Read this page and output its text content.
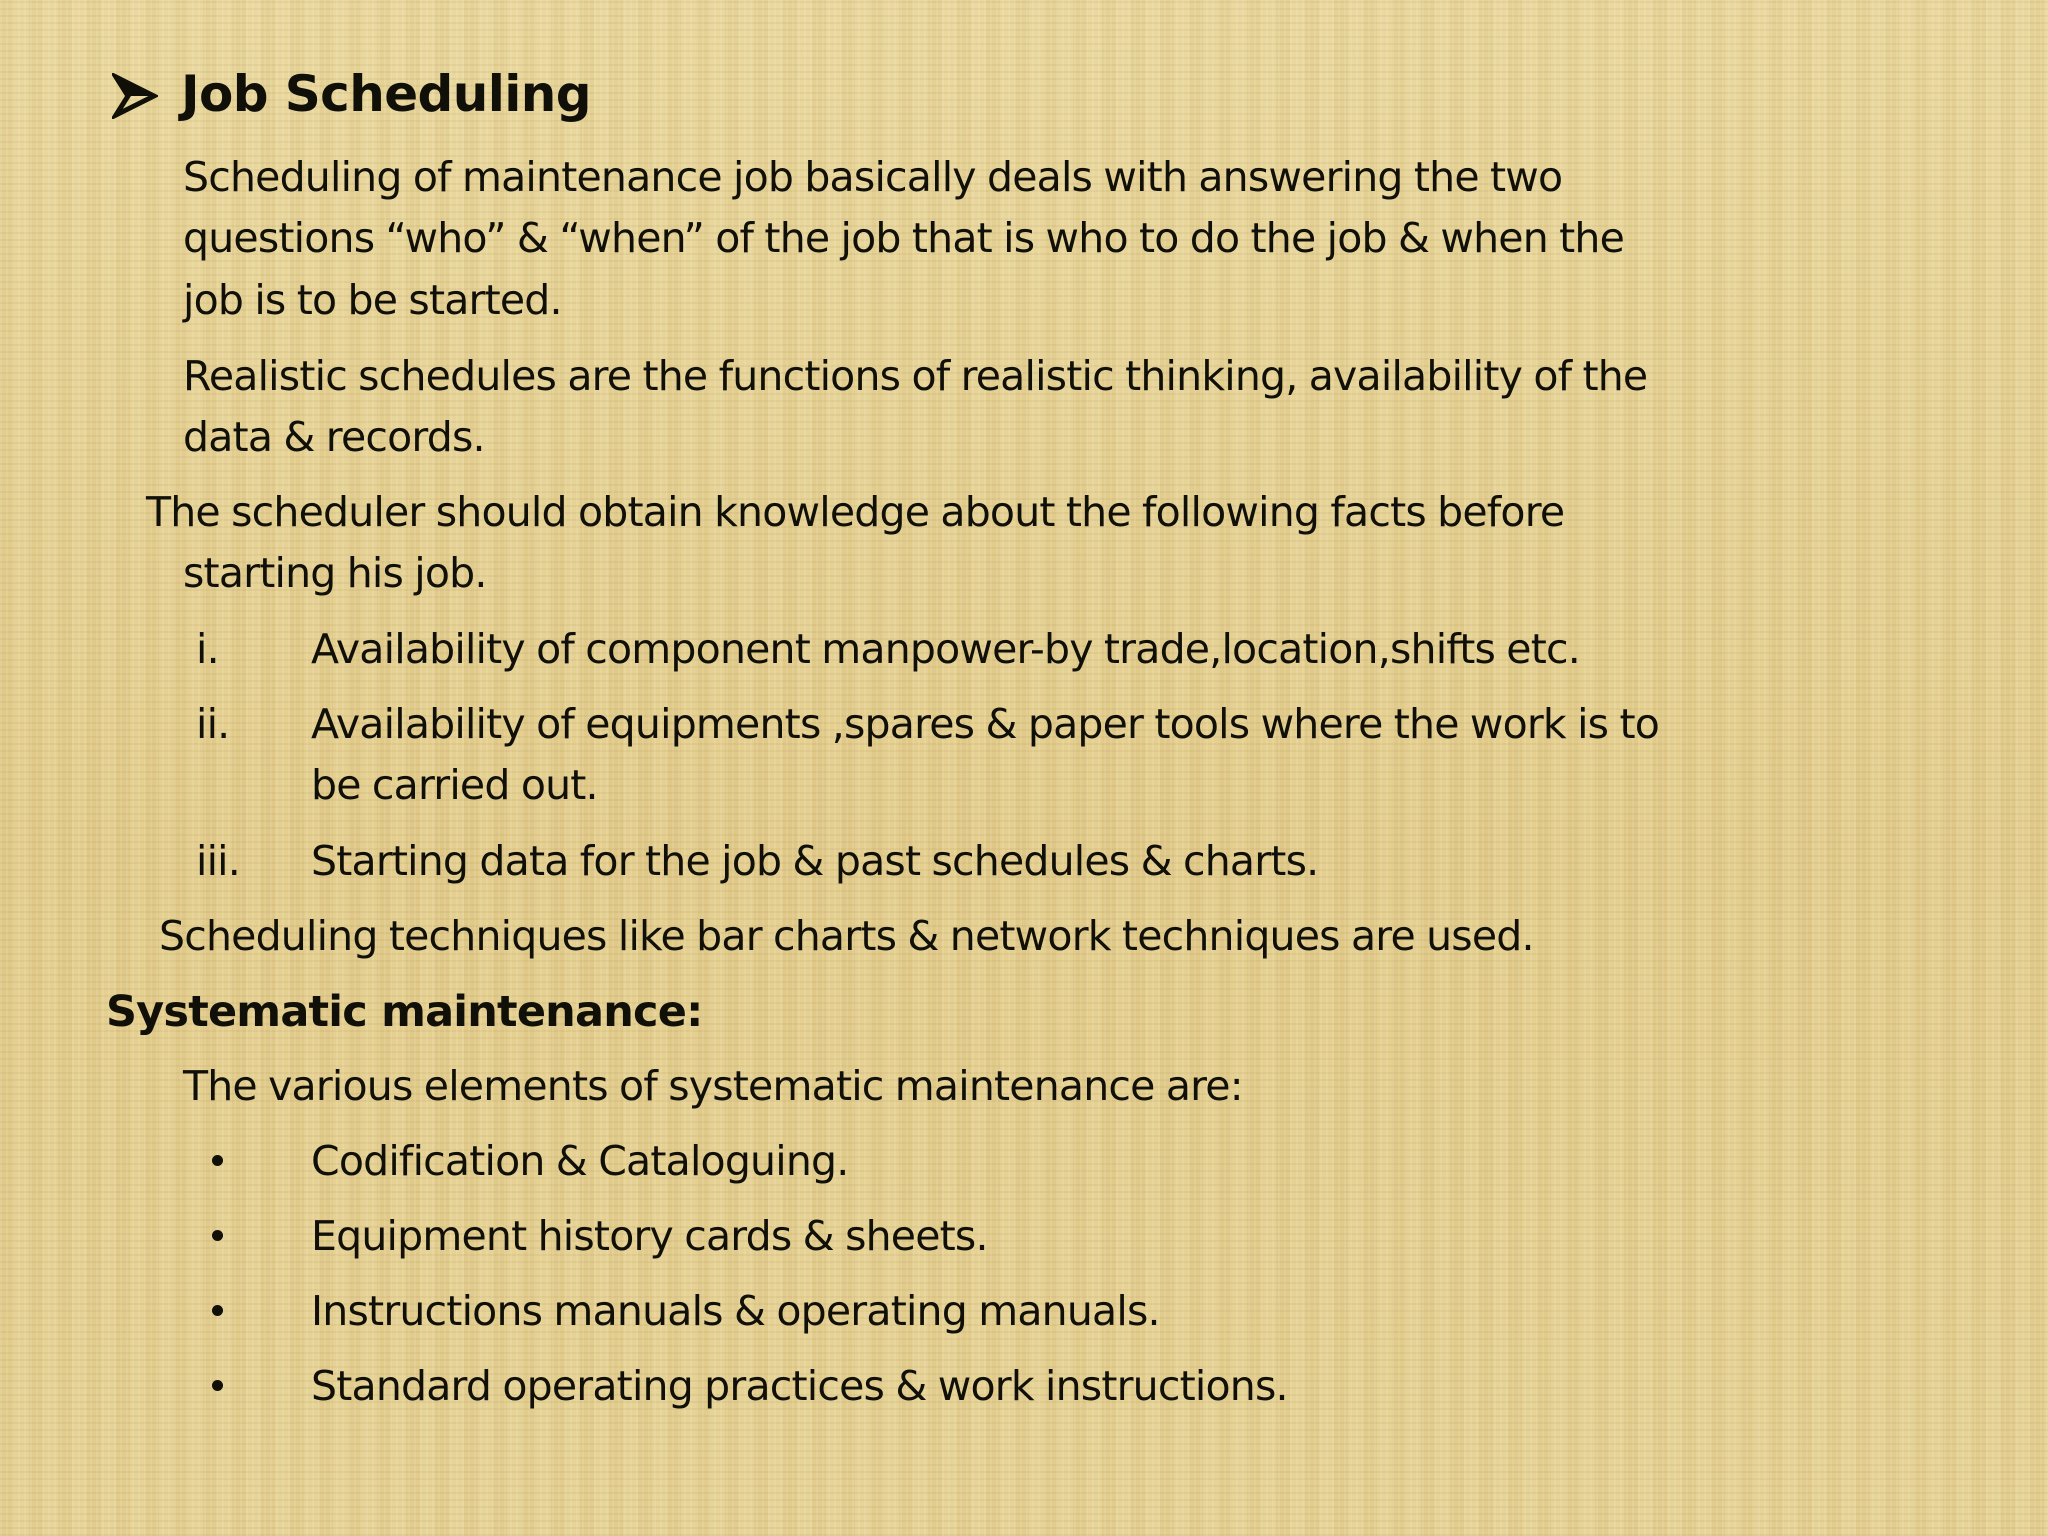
Job Scheduling
Scheduling of maintenance job basically deals with answering the two
questions “who” & “when” of the job that is who to do the job & when the
job is to be started.
Realistic schedules are the functions of realistic thinking, availability of the
data & records.
The scheduler should obtain knowledge about the following facts before
starting his job.
i. Availability of component manpower-by trade,location,shifts etc.
ii. Availability of equipments ,spares & paper tools where the work is to
be carried out.
iii. Starting data for the job & past schedules & charts.
Scheduling techniques like bar charts & network techniques are used.
Systematic maintenance:
The various elements of systematic maintenance are:
Codification & Cataloguing.
Equipment history cards & sheets.
Instructions manuals & operating manuals.
Standard operating practices & work instructions.
